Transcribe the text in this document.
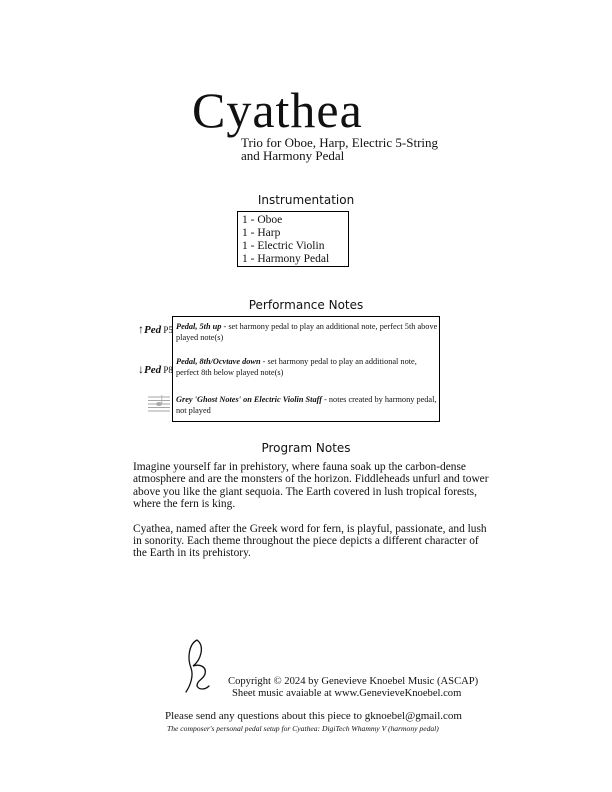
Cyathea
Trio for Oboe, Harp, Electric 5-String
and Harmony Pedal
Instrumentation
1 - Oboe
1 - Harp
1 - Electric Violin
1 - Harmony Pedal
Performance Notes
↑Ped P5
↓Ped P8
Pedal, 5th up - set harmony pedal to play an additional note, perfect 5th above played note(s)
Pedal, 8th/Ocvtave down - set harmony pedal to play an additional note, perfect 8th below played note(s)
Grey 'Ghost Notes' on Electric Violin Staff - notes created by harmony pedal, not played
Program Notes

Imagine yourself far in prehistory, where fauna soak up the carbon-dense atmosphere and are the monsters of the horizon. Fiddleheads unfurl and tower above you like the giant sequoia. The Earth covered in lush tropical forests, where the fern is king.

Cyathea, named after the Greek word for fern, is playful, passionate, and lush in sonority. Each theme throughout the piece depicts a different character of the Earth in its prehistory.

Copyright © 2024 by Genevieve Knoebel Music (ASCAP)
Sheet music avaiable at www.GenevieveKnoebel.com
Please send any questions about this piece to gknoebel@gmail.com
The composer's personal pedal setup for Cyathea: DigiTech Whammy V (harmony pedal)
